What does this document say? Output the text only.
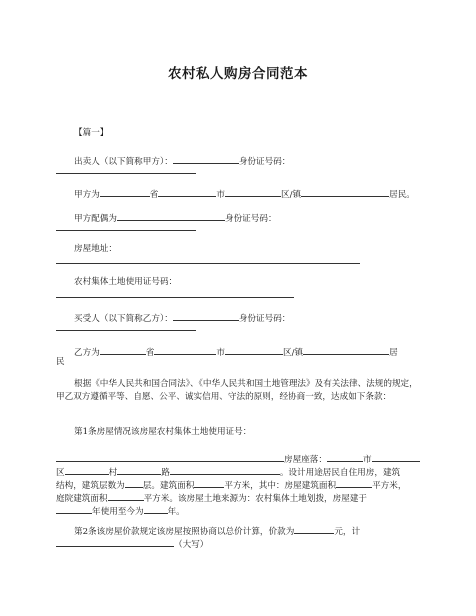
农村私人购房合同范本
【篇一】
出卖人（以下简称甲方）：	身份证号码：
甲方为	省	市	区/镇	居民。
甲方配偶为	身份证号码：
房屋地址：
农村集体土地使用证号码：
买受人（以下简称乙方）：	身份证号码：
乙方为	省	市	区/镇	居
民
根据《中华人民共和国合同法》、《中华人民共和国土地管理法》及有关法律、法规的规定，甲乙双方遵循平等、自愿、公平、诚实信用、守法的原则，经协商一致，达成如下条款：
第1条房屋情况该房屋农村集体土地使用证号：
房屋座落：	市
区	村	路	。设计用途居民自住用房，建筑
结构，建筑层数为 层。建筑面积	平方米，其中：房屋建筑面积	平方米，
庭院建筑面积	平方米。该房屋土地来源为：农村集体土地划拨，房屋建于
年使用至今为	年。
第2条该房屋价款规定该房屋按照协商以总价计算，价款为	元，计
（大写）
